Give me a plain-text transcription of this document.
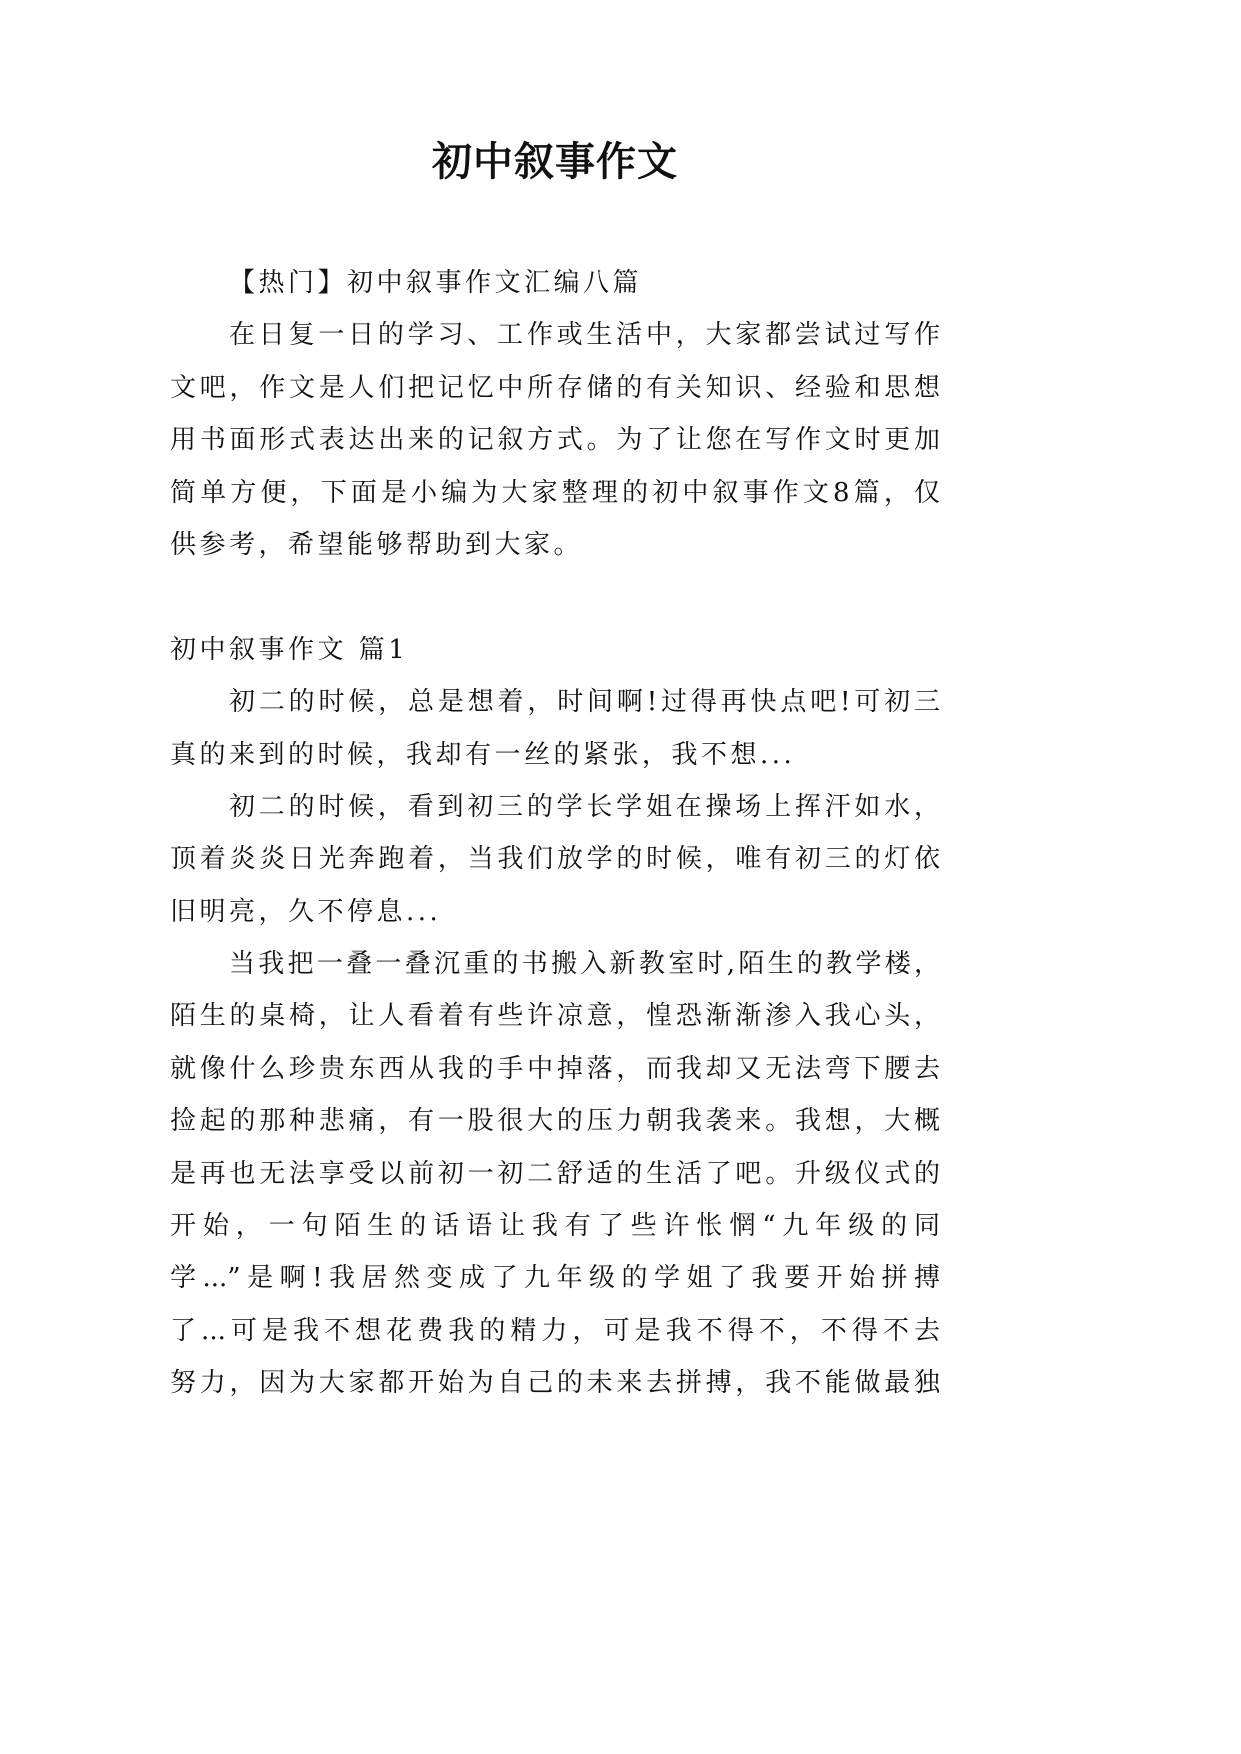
初中叙事作文
【热门】初中叙事作文汇编八篇
在日复一日的学习、工作或生活中，大家都尝试过写作
文吧，作文是人们把记忆中所存储的有关知识、经验和思想
用书面形式表达出来的记叙方式。为了让您在写作文时更加
简单方便，下面是小编为大家整理的初中叙事作文8篇，仅
供参考，希望能够帮助到大家。
初中叙事作文 篇1
初二的时候，总是想着，时间啊!过得再快点吧!可初三
真的来到的时候，我却有一丝的紧张，我不想...
初二的时候，看到初三的学长学姐在操场上挥汗如水，
顶着炎炎日光奔跑着，当我们放学的时候，唯有初三的灯依
旧明亮，久不停息...
当我把一叠一叠沉重的书搬入新教室时,陌生的教学楼，
陌生的桌椅，让人看着有些许凉意，惶恐渐渐渗入我心头，
就像什么珍贵东西从我的手中掉落，而我却又无法弯下腰去
捡起的那种悲痛，有一股很大的压力朝我袭来。我想，大概
是再也无法享受以前初一初二舒适的生活了吧。升级仪式的
开始，一句陌生的话语让我有了些许怅惘“九年级的同
学...”是啊!我居然变成了九年级的学姐了我要开始拼搏
了...可是我不想花费我的精力，可是我不得不，不得不去
努力，因为大家都开始为自己的未来去拼搏，我不能做最独
